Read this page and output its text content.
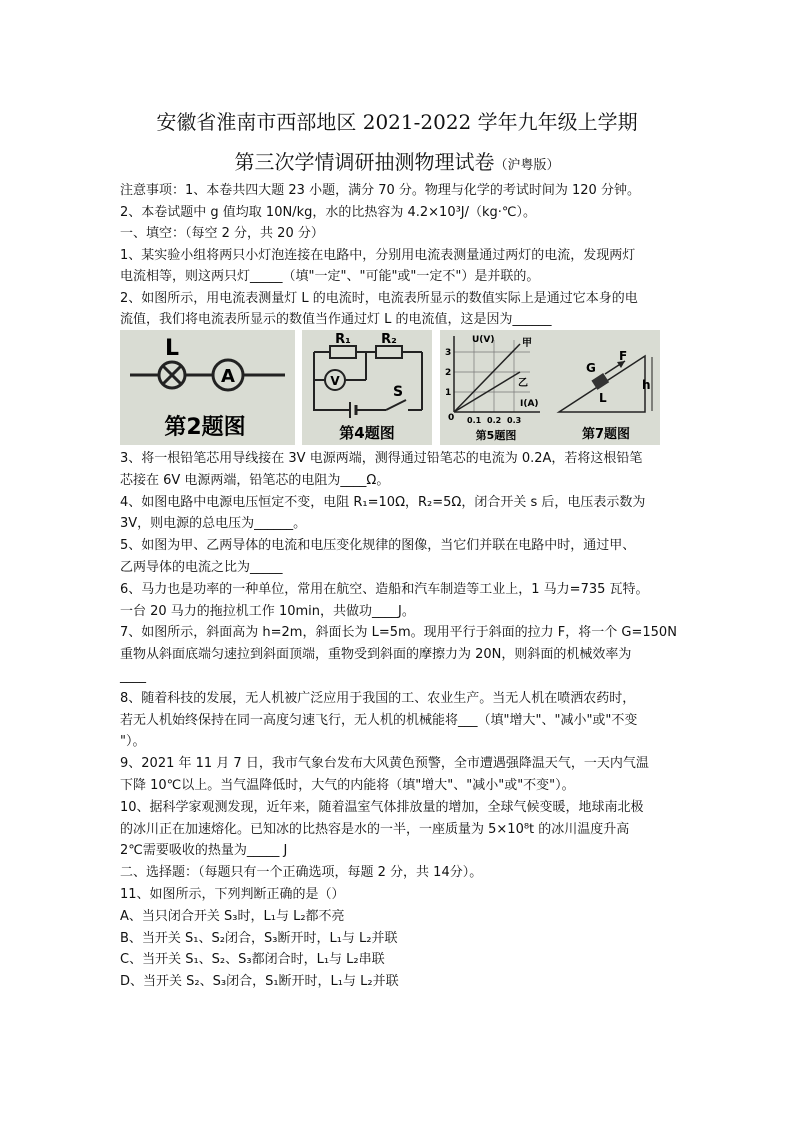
安徽省淮南市西部地区 2021-2022 学年九年级上学期
第三次学情调研抽测物理试卷（沪粤版）
注意事项：1、本卷共四大题 23 小题，满分 70 分。物理与化学的考试时间为 120 分钟。
2、本卷试题中 g 值均取 10N/kg，水的比热容为 4.2×10³J/（kg·℃）。
一、填空：（每空 2 分，共 20 分）
1、某实验小组将两只小灯泡连接在电路中，分别用电流表测量通过两灯的电流，发现两灯
电流相等，则这两只灯_____（填"一定"、"可能"或"一定不"）是并联的。
2、如图所示，用电流表测量灯 L 的电流时，电流表所显示的数值实际上是通过它本身的电
流值，我们将电流表所显示的数值当作通过灯 L 的电流值，这是因为______
L
A
第2题图
R₁ R₂
V
S
第4题图
U(V)
I(A)
0
3
2
1
0.1 0.2 0.3
甲
乙
第5题图
G
F
h
L
第7题图
3、将一根铅笔芯用导线接在 3V 电源两端，测得通过铅笔芯的电流为 0.2A，若将这根铅笔
芯接在 6V 电源两端，铅笔芯的电阻为____Ω。
4、如图电路中电源电压恒定不变，电阻 R₁=10Ω，R₂=5Ω，闭合开关 s 后，电压表示数为
3V，则电源的总电压为______。
5、如图为甲、乙两导体的电流和电压变化规律的图像，当它们并联在电路中时，通过甲、
乙两导体的电流之比为_____
6、马力也是功率的一种单位，常用在航空、造船和汽车制造等工业上，1 马力=735 瓦特。
一台 20 马力的拖拉机工作 10min，共做功____J。
7、如图所示，斜面高为 h=2m，斜面长为 L=5m。现用平行于斜面的拉力 F，将一个 G=150N
重物从斜面底端匀速拉到斜面顶端，重物受到斜面的摩擦力为 20N，则斜面的机械效率为
____
8、随着科技的发展，无人机被广泛应用于我国的工、农业生产。当无人机在喷洒农药时，
若无人机始终保持在同一高度匀速飞行，无人机的机械能将___（填"增大"、"减小"或"不变
"）。
9、2021 年 11 月 7 日，我市气象台发布大风黄色预警，全市遭遇强降温天气，一天内气温
下降 10℃以上。当气温降低时，大气的内能将（填"增大"、"减小"或"不变"）。
10、据科学家观测发现，近年来，随着温室气体排放量的增加，全球气候变暖，地球南北极
的冰川正在加速熔化。已知冰的比热容是水的一半，一座质量为 5×10⁸t 的冰川温度升高
2℃需要吸收的热量为_____ J
二、选择题：（每题只有一个正确选项，每题 2 分，共 14分）。
11、如图所示，下列判断正确的是（）
A、当只闭合开关 S₃时，L₁与 L₂都不亮
B、当开关 S₁、S₂闭合，S₃断开时，L₁与 L₂并联
C、当开关 S₁、S₂、S₃都闭合时，L₁与 L₂串联
D、当开关 S₂、S₃闭合，S₁断开时，L₁与 L₂并联
